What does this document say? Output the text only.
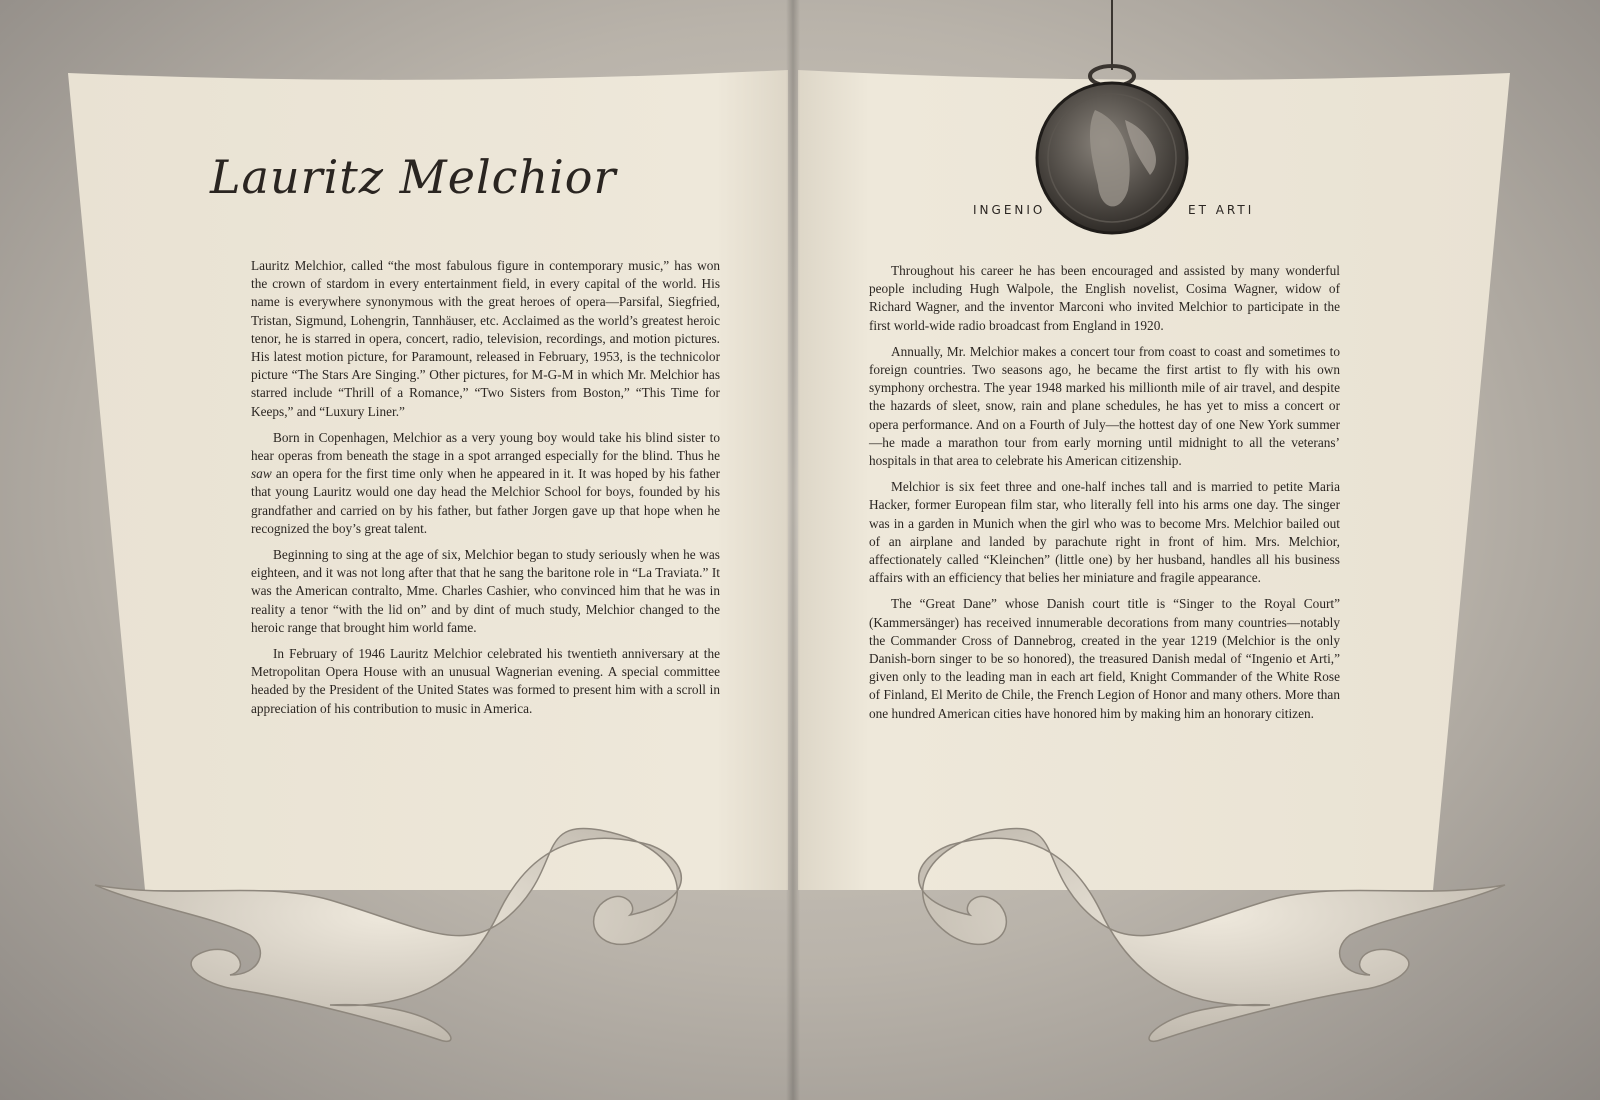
Lauritz Melchior

Lauritz Melchior, called “the most fabulous figure in contemporary music,” has won the crown of stardom in every entertainment field, in every capital of the world. His name is everywhere synonymous with the great heroes of opera—Parsifal, Siegfried, Tristan, Sigmund, Lohengrin, Tannhäuser, etc. Acclaimed as the world’s greatest heroic tenor, he is starred in opera, concert, radio, television, recordings, and motion pictures. His latest motion picture, for Paramount, released in February, 1953, is the technicolor picture “The Stars Are Singing.” Other pictures, for M-G-M in which Mr. Melchior has starred include “Thrill of a Romance,” “Two Sisters from Boston,” “This Time for Keeps,” and “Luxury Liner.”

Born in Copenhagen, Melchior as a very young boy would take his blind sister to hear operas from beneath the stage in a spot arranged especially for the blind. Thus he saw an opera for the first time only when he appeared in it. It was hoped by his father that young Lauritz would one day head the Melchior School for boys, founded by his grandfather and carried on by his father, but father Jorgen gave up that hope when he recognized the boy’s great talent.

Beginning to sing at the age of six, Melchior began to study seriously when he was eighteen, and it was not long after that that he sang the baritone role in “La Traviata.” It was the American contralto, Mme. Charles Cashier, who convinced him that he was in reality a tenor “with the lid on” and by dint of much study, Melchior changed to the heroic range that brought him world fame.

In February of 1946 Lauritz Melchior celebrated his twentieth anniversary at the Metropolitan Opera House with an unusual Wagnerian evening. A special committee headed by the President of the United States was formed to present him with a scroll in appreciation of his contribution to music in America.

INGENIO	ET ARTI

Throughout his career he has been encouraged and assisted by many wonderful people including Hugh Walpole, the English novelist, Cosima Wagner, widow of Richard Wagner, and the inventor Marconi who invited Melchior to participate in the first world-wide radio broadcast from England in 1920.

Annually, Mr. Melchior makes a concert tour from coast to coast and sometimes to foreign countries. Two seasons ago, he became the first artist to fly with his own symphony orchestra. The year 1948 marked his millionth mile of air travel, and despite the hazards of sleet, snow, rain and plane schedules, he has yet to miss a concert or opera performance. And on a Fourth of July—the hottest day of one New York summer—he made a marathon tour from early morning until midnight to all the veterans’ hospitals in that area to celebrate his American citizenship.

Melchior is six feet three and one-half inches tall and is married to petite Maria Hacker, former European film star, who literally fell into his arms one day. The singer was in a garden in Munich when the girl who was to become Mrs. Melchior bailed out of an airplane and landed by parachute right in front of him. Mrs. Melchior, affectionately called “Kleinchen” (little one) by her husband, handles all his business affairs with an efficiency that belies her miniature and fragile appearance.

The “Great Dane” whose Danish court title is “Singer to the Royal Court” (Kammersänger) has received innumerable decorations from many countries—notably the Commander Cross of Dannebrog, created in the year 1219 (Melchior is the only Danish-born singer to be so honored), the treasured Danish medal of “Ingenio et Arti,” given only to the leading man in each art field, Knight Commander of the White Rose of Finland, El Merito de Chile, the French Legion of Honor and many others. More than one hundred American cities have honored him by making him an honorary citizen.
